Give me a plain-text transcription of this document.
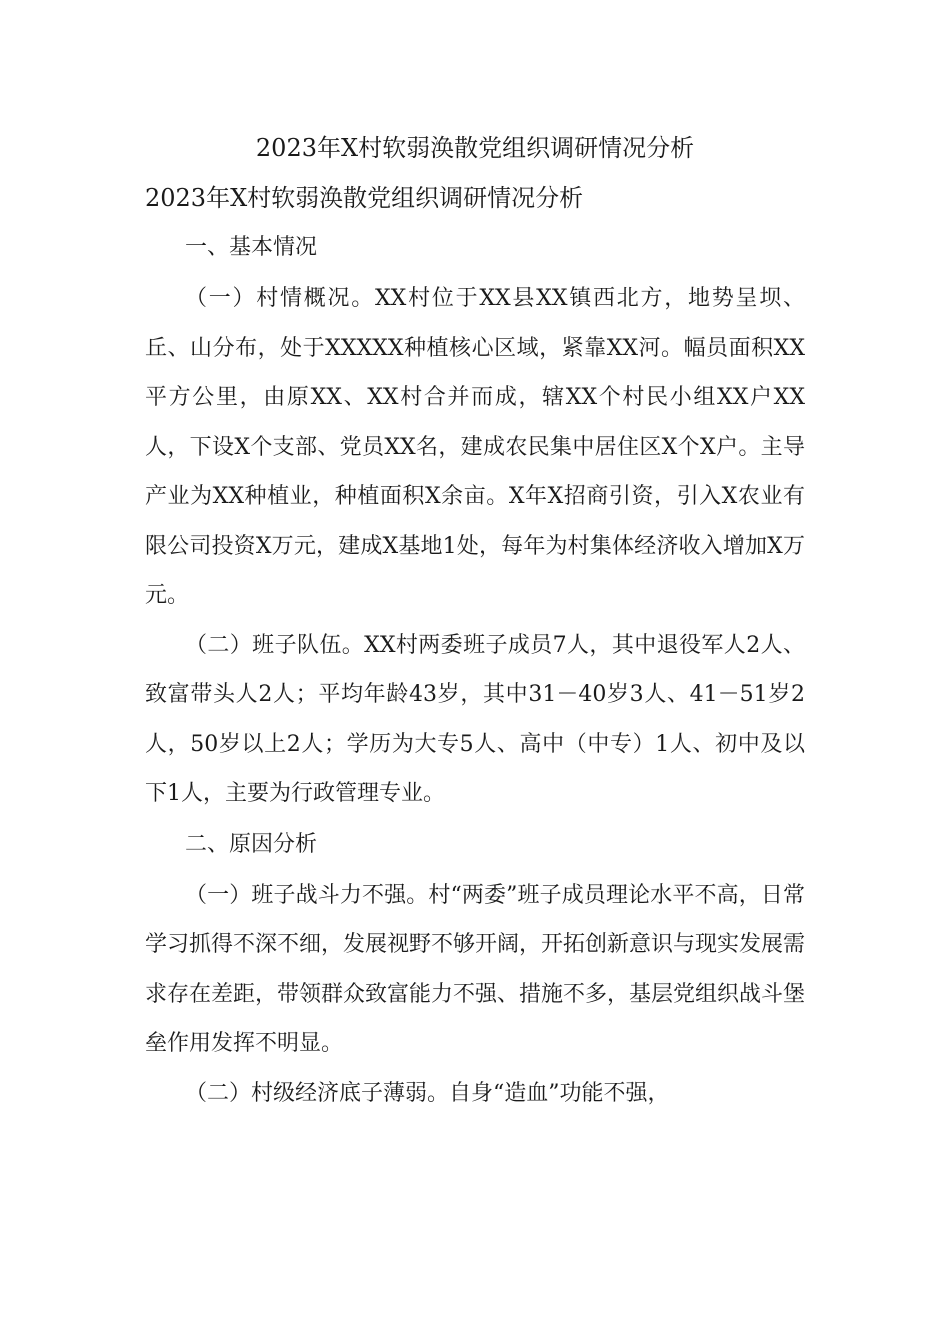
2023年X村软弱涣散党组织调研情况分析

2023年X村软弱涣散党组织调研情况分析

一、基本情况

（一）村情概况。XX村位于XX县XX镇西北方，地势呈坝、丘、山分布，处于XXXXX种植核心区域，紧靠XX河。幅员面积XX平方公里，由原XX、XX村合并而成，辖XX个村民小组XX户XX人，下设X个支部、党员XX名，建成农民集中居住区X个X户。主导产业为XX种植业，种植面积X余亩。X年X招商引资，引入X农业有限公司投资X万元，建成X基地1处，每年为村集体经济收入增加X万元。

（二）班子队伍。XX村两委班子成员7人，其中退役军人2人、致富带头人2人；平均年龄43岁，其中31－40岁3人、41－51岁2人，50岁以上2人；学历为大专5人、高中（中专）1人、初中及以下1人，主要为行政管理专业。

二、原因分析

（一）班子战斗力不强。村“两委”班子成员理论水平不高，日常学习抓得不深不细，发展视野不够开阔，开拓创新意识与现实发展需求存在差距，带领群众致富能力不强、措施不多，基层党组织战斗堡垒作用发挥不明显。

（二）村级经济底子薄弱。自身“造血”功能不强，
